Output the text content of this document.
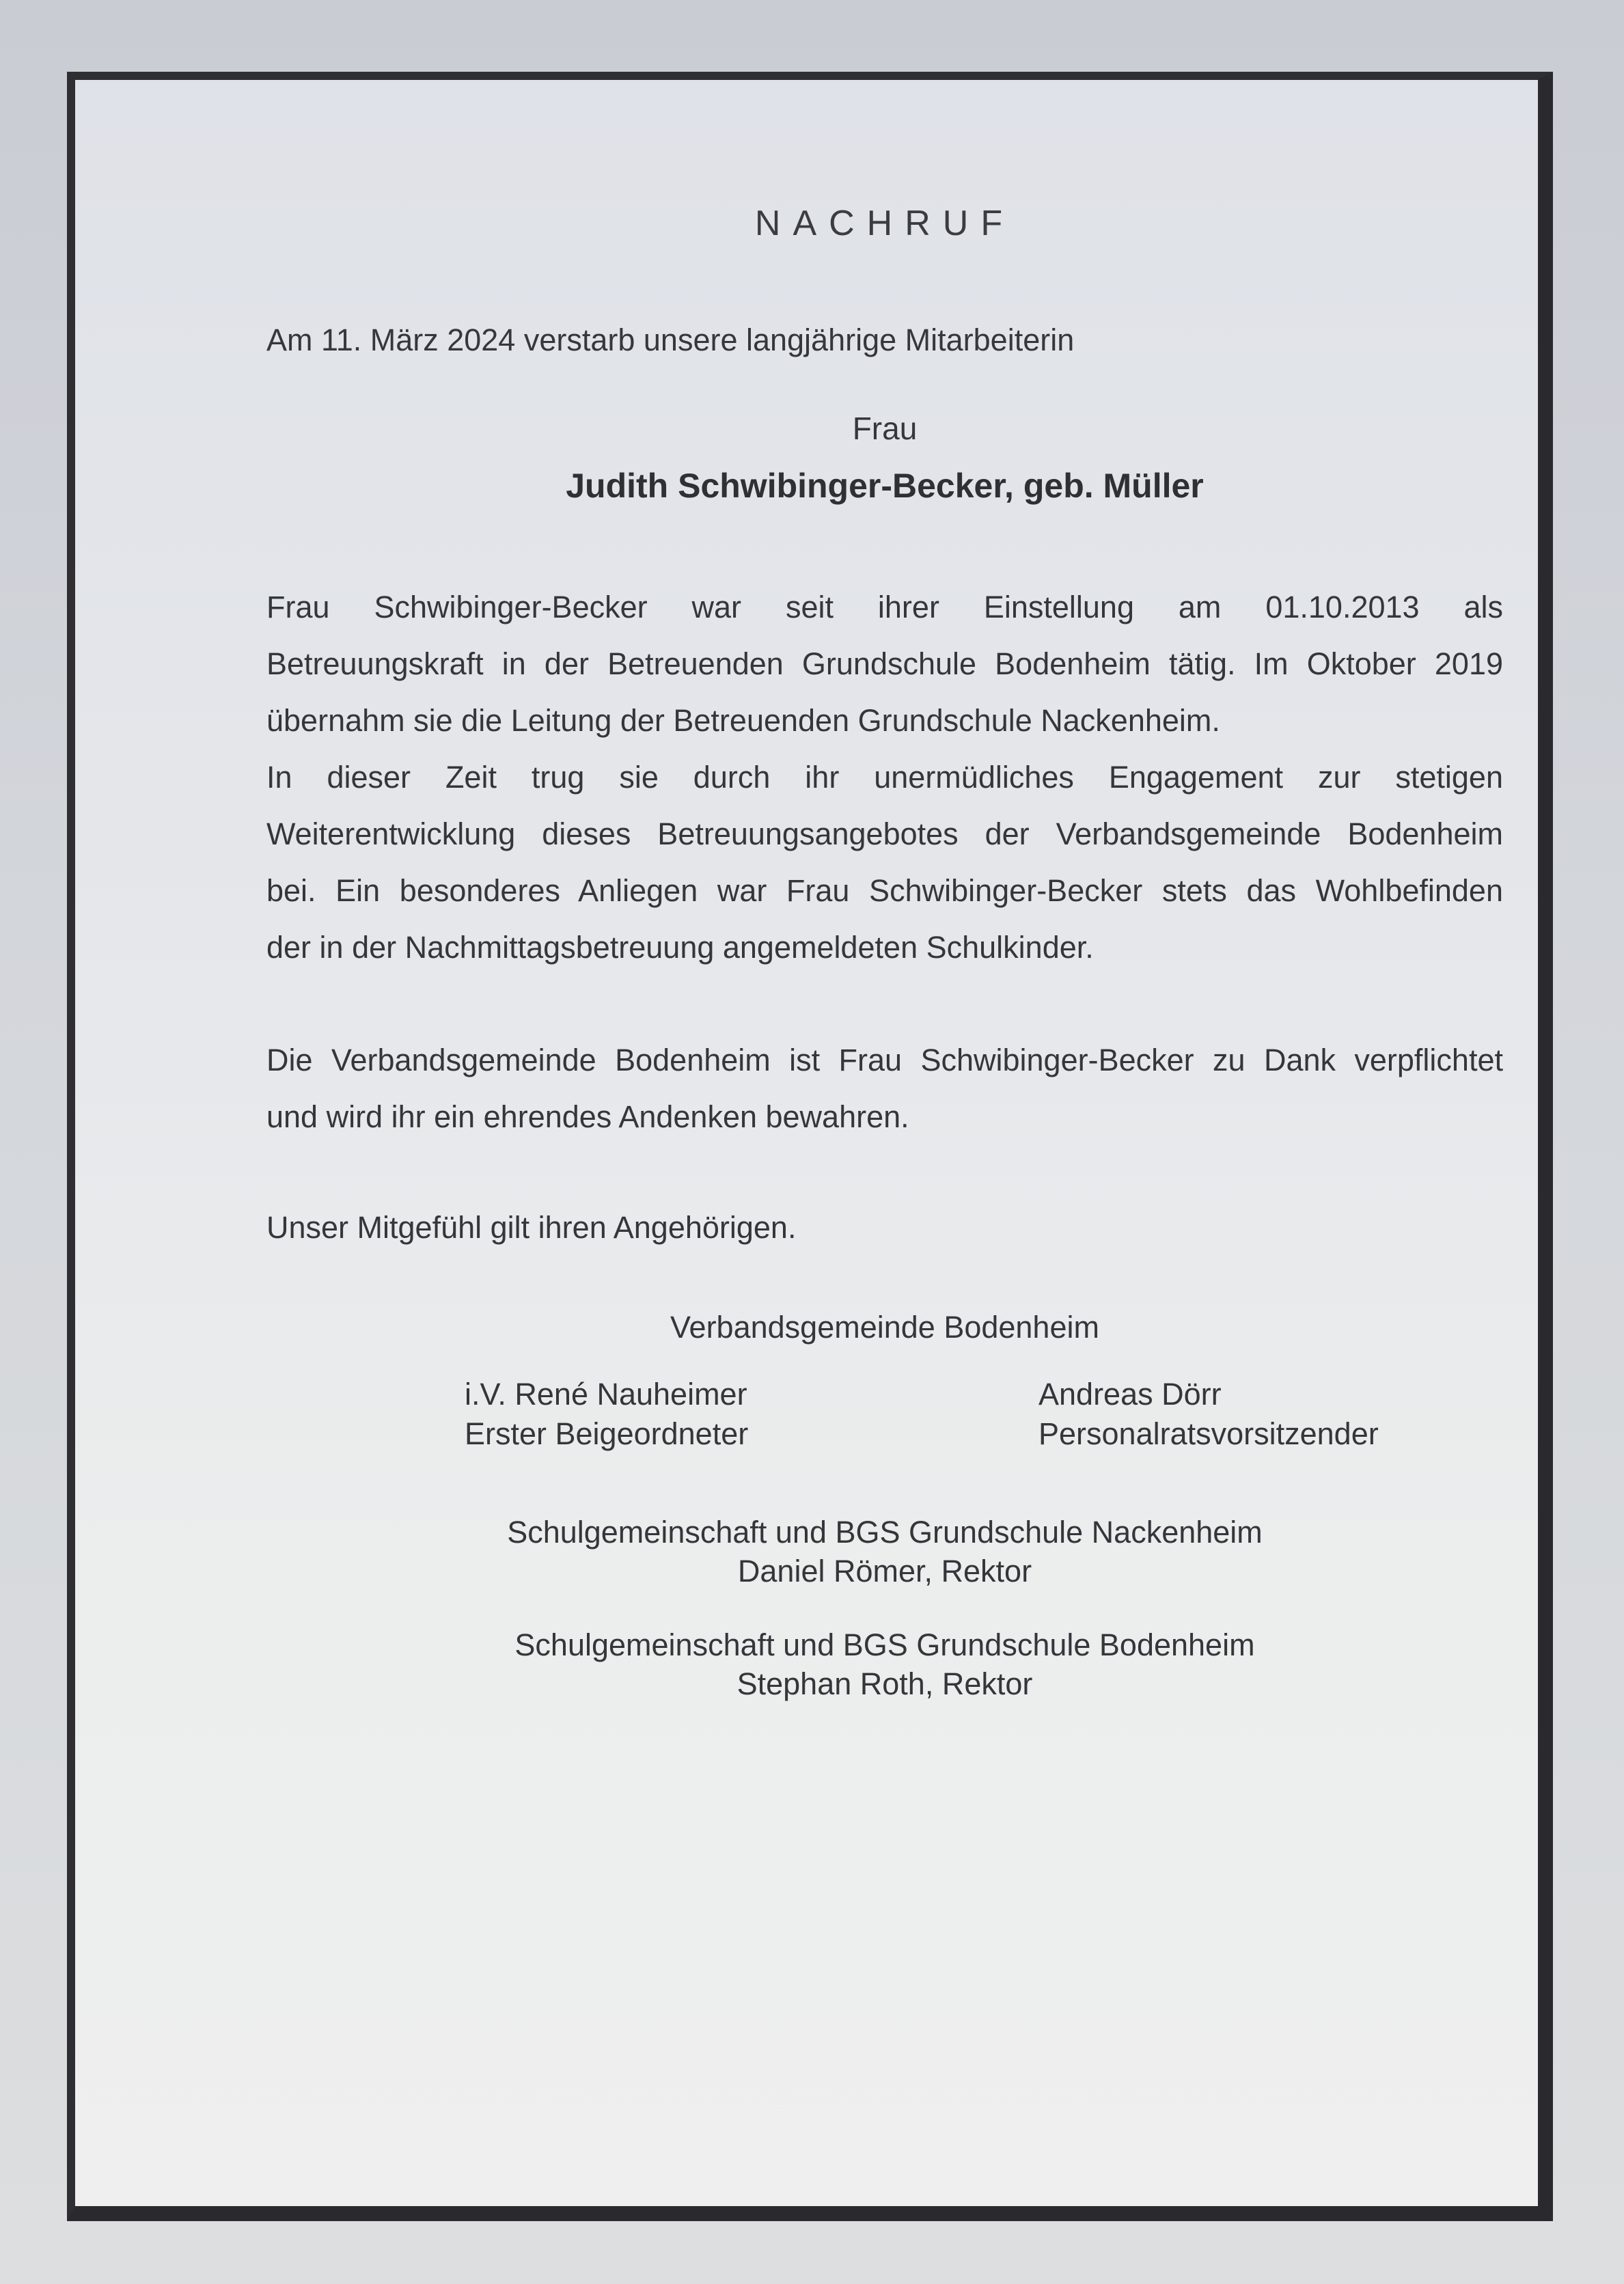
NACHRUF
Am 11. März 2024 verstarb unsere langjährige Mitarbeiterin
Frau
Judith Schwibinger-Becker, geb. Müller
Frau Schwibinger-Becker war seit ihrer Einstellung am 01.10.2013 als
Betreuungskraft in der Betreuenden Grundschule Bodenheim tätig. Im Oktober 2019
übernahm sie die Leitung der Betreuenden Grundschule Nackenheim.
In dieser Zeit trug sie durch ihr unermüdliches Engagement zur stetigen
Weiterentwicklung dieses Betreuungsangebotes der Verbandsgemeinde Bodenheim
bei. Ein besonderes Anliegen war Frau Schwibinger-Becker stets das Wohlbefinden
der in der Nachmittagsbetreuung angemeldeten Schulkinder.
Die Verbandsgemeinde Bodenheim ist Frau Schwibinger-Becker zu Dank verpflichtet
und wird ihr ein ehrendes Andenken bewahren.
Unser Mitgefühl gilt ihren Angehörigen.
Verbandsgemeinde Bodenheim
i.V. René Nauheimer
Erster Beigeordneter
Andreas Dörr
Personalratsvorsitzender
Schulgemeinschaft und BGS Grundschule Nackenheim
Daniel Römer, Rektor
Schulgemeinschaft und BGS Grundschule Bodenheim
Stephan Roth, Rektor
